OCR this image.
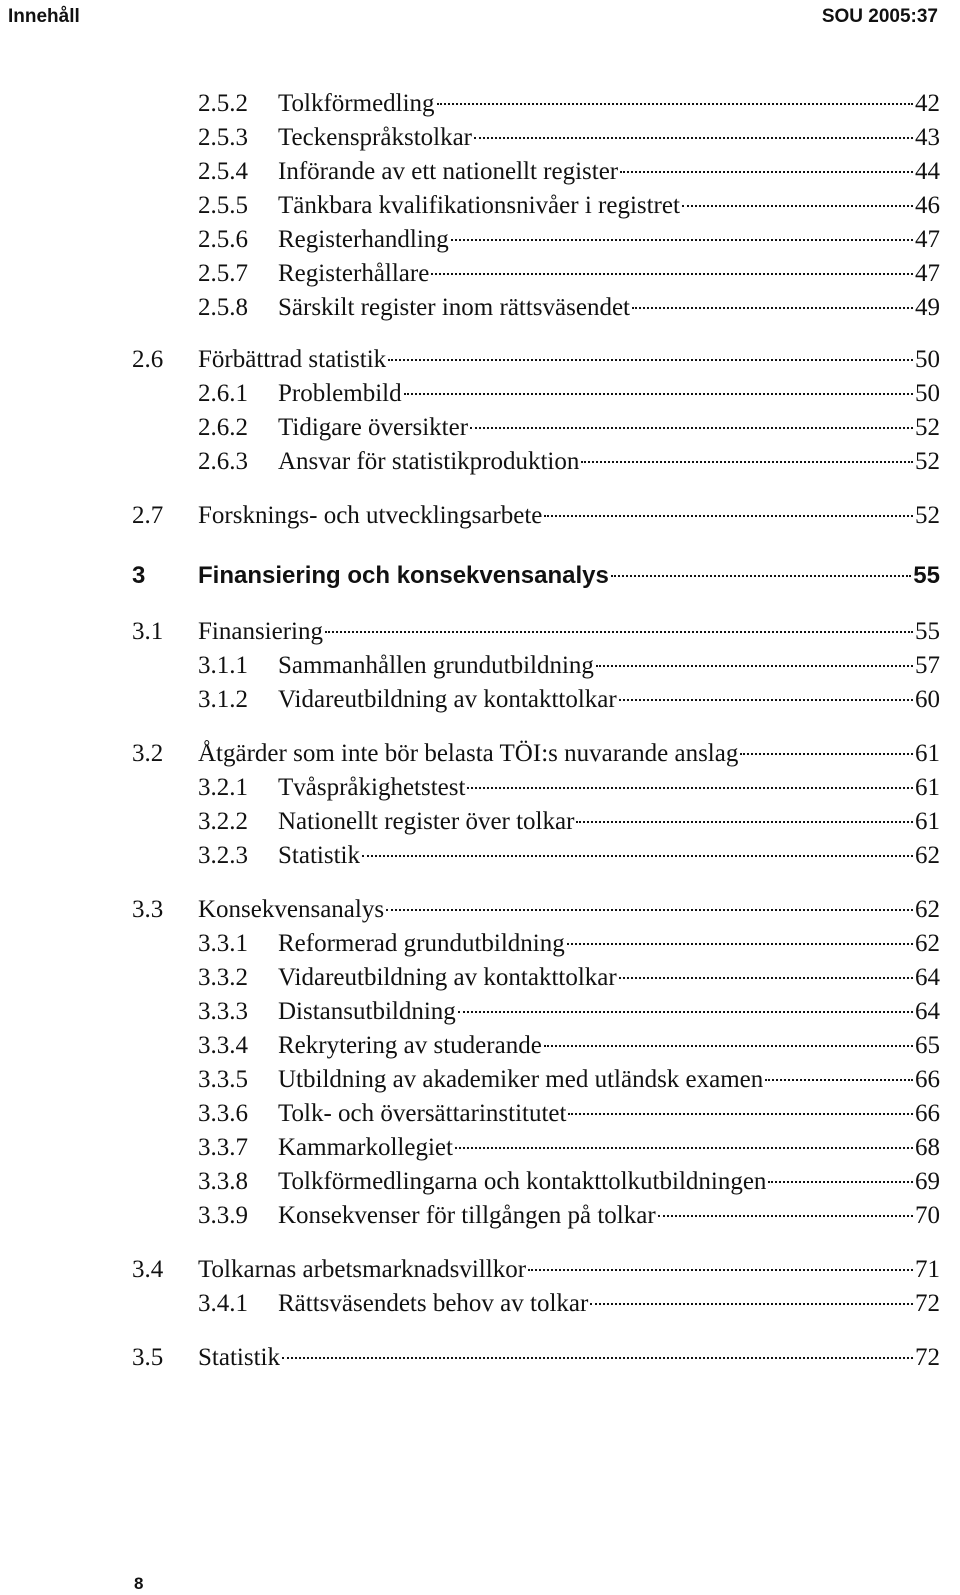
Innehåll	SOU 2005:37
2.5.2	Tolkförmedling	42
2.5.3	Teckenspråkstolkar	43
2.5.4	Införande av ett nationellt register	44
2.5.5	Tänkbara kvalifikationsnivåer i registret	46
2.5.6	Registerhandling	47
2.5.7	Registerhållare	47
2.5.8	Särskilt register inom rättsväsendet	49
2.6	Förbättrad statistik	50
2.6.1	Problembild	50
2.6.2	Tidigare översikter	52
2.6.3	Ansvar för statistikproduktion	52
2.7	Forsknings- och utvecklingsarbete	52
3	Finansiering och konsekvensanalys	55
3.1	Finansiering	55
3.1.1	Sammanhållen grundutbildning	57
3.1.2	Vidareutbildning av kontakttolkar	60
3.2	Åtgärder som inte bör belasta TÖI:s nuvarande anslag	61
3.2.1	Tvåspråkighetstest	61
3.2.2	Nationellt register över tolkar	61
3.2.3	Statistik	62
3.3	Konsekvensanalys	62
3.3.1	Reformerad grundutbildning	62
3.3.2	Vidareutbildning av kontakttolkar	64
3.3.3	Distansutbildning	64
3.3.4	Rekrytering av studerande	65
3.3.5	Utbildning av akademiker med utländsk examen	66
3.3.6	Tolk- och översättarinstitutet	66
3.3.7	Kammarkollegiet	68
3.3.8	Tolkförmedlingarna och kontakttolkutbildningen	69
3.3.9	Konsekvenser för tillgången på tolkar	70
3.4	Tolkarnas arbetsmarknadsvillkor	71
3.4.1	Rättsväsendets behov av tolkar	72
3.5	Statistik	72
8
